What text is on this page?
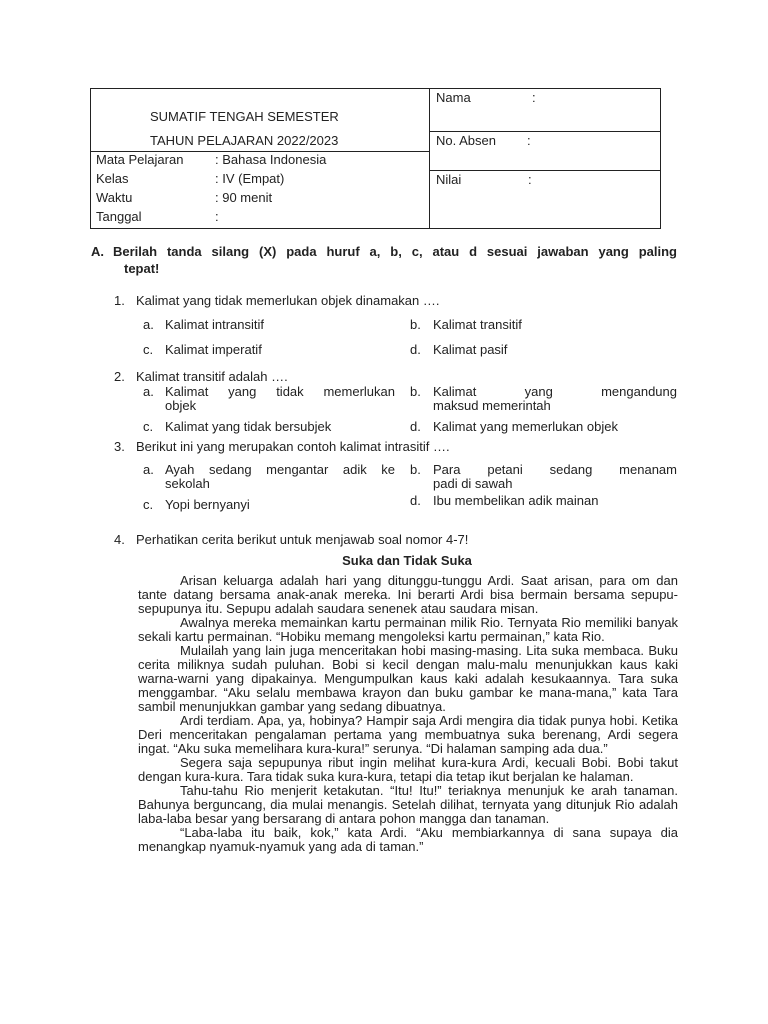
SUMATIF TENGAH SEMESTER
TAHUN PELAJARAN 2022/2023
Mata Pelajaran : Bahasa Indonesia
Kelas	: IV (Empat)
Waktu	: 90 menit
Tanggal	:
Nama	:
No. Absen :
Nilai	:
A. Berilah tanda silang (X) pada huruf a, b, c, atau d sesuai jawaban yang paling
tepat!
1. Kalimat yang tidak memerlukan objek dinamakan ….
a. Kalimat intransitif	b. Kalimat transitif
c. Kalimat imperatif	d. Kalimat pasif
2. Kalimat transitif adalah ….
a. Kalimat yang tidak memerlukan
objek
b. Kalimat yang mengandung
maksud memerintah
c. Kalimat yang tidak bersubjek	d. Kalimat yang memerlukan objek
3. Berikut ini yang merupakan contoh kalimat intrasitif ….
a. Ayah sedang mengantar adik ke
sekolah
b. Para petani sedang menanam
padi di sawah
c. Yopi bernyanyi	d. Ibu membelikan adik mainan
4. Perhatikan cerita berikut untuk menjawab soal nomor 4-7!
Suka dan Tidak Suka

Arisan keluarga adalah hari yang ditunggu-tunggu Ardi. Saat arisan, para om dan tante datang bersama anak-anak mereka. Ini berarti Ardi bisa bermain bersama sepupu-sepupunya itu. Sepupu adalah saudara senenek atau saudara misan.

Awalnya mereka memainkan kartu permainan milik Rio. Ternyata Rio memiliki banyak sekali kartu permainan. “Hobiku memang mengoleksi kartu permainan,” kata Rio.

Mulailah yang lain juga menceritakan hobi masing-masing. Lita suka membaca. Buku cerita miliknya sudah puluhan. Bobi si kecil dengan malu-malu menunjukkan kaus kaki warna-warni yang dipakainya. Mengumpulkan kaus kaki adalah kesukaannya. Tara suka menggambar. “Aku selalu membawa krayon dan buku gambar ke mana-mana,” kata Tara sambil menunjukkan gambar yang sedang dibuatnya.

Ardi terdiam. Apa, ya, hobinya? Hampir saja Ardi mengira dia tidak punya hobi. Ketika Deri menceritakan pengalaman pertama yang membuatnya suka berenang, Ardi segera ingat. “Aku suka memelihara kura-kura!” serunya. “Di halaman samping ada dua.”

Segera saja sepupunya ribut ingin melihat kura-kura Ardi, kecuali Bobi. Bobi takut dengan kura-kura. Tara tidak suka kura-kura, tetapi dia tetap ikut berjalan ke halaman.

Tahu-tahu Rio menjerit ketakutan. “Itu! Itu!” teriaknya menunjuk ke arah tanaman. Bahunya berguncang, dia mulai menangis. Setelah dilihat, ternyata yang ditunjuk Rio adalah laba-laba besar yang bersarang di antara pohon mangga dan tanaman.

“Laba-laba itu baik, kok,” kata Ardi. “Aku membiarkannya di sana supaya dia menangkap nyamuk-nyamuk yang ada di taman.”
